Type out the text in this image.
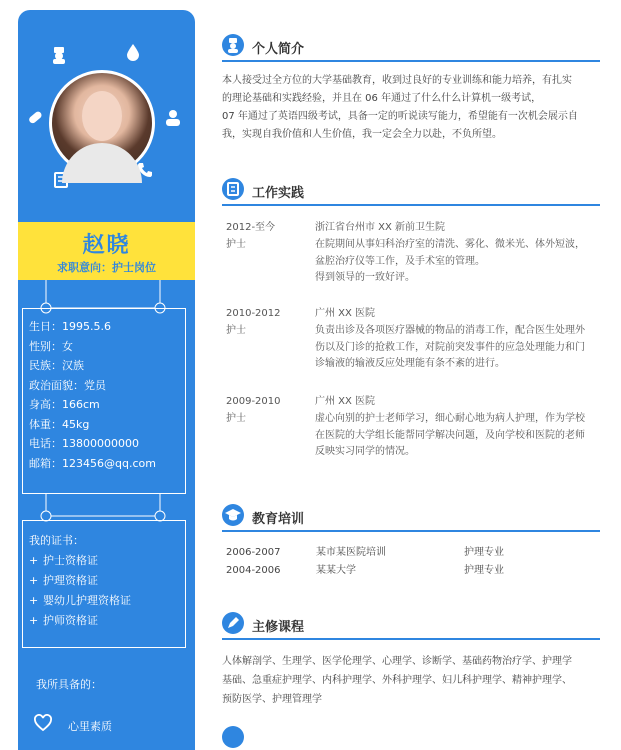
赵晓
求职意向：护士岗位
生日：1995.5.6
性别：女
民族：汉族
政治面貌：党员
身高：166cm
体重：45kg
电话：13800000000
邮箱：123456@qq.com
我的证书：
+ 护士资格证
+ 护理资格证
+ 婴幼儿护理资格证
+ 护师资格证
我所具备的：
心里素质
个人简介
本人接受过全方位的大学基础教育，收到过良好的专业训练和能力培养，有扎实
的理论基础和实践经验，并且在 06 年通过了什么什么计算机一级考试，
07 年通过了英语四级考试，具备一定的听说读写能力，希望能有一次机会展示自
我，实现自我价值和人生价值，我一定会全力以赴，不负所望。
工作实践
2012-至今
护士
浙江省台州市 XX 新前卫生院
在院期间从事妇科治疗室的清洗、雾化、微米光、体外短波，
盆腔治疗仪等工作，及手术室的管理。
得到领导的一致好评。
2010-2012
护士
广州 XX 医院
负责出诊及各项医疗器械的物品的消毒工作，配合医生处理外
伤以及门诊的抢救工作，对院前突发事件的应急处理能力和门
诊输液的输液反应处理能有条不紊的进行。
2009-2010
护士
广州 XX 医院
虚心向别的护士老师学习，细心耐心地为病人护理，作为学校
在医院的大学组长能帮同学解决问题，及向学校和医院的老师
反映实习同学的情况。
教育培训
2006-2007	某市某医院培训	护理专业
2004-2006	某某大学	护理专业
主修课程
人体解剖学、生理学、医学伦理学、心理学、诊断学、基础药物治疗学、护理学
基础、急重症护理学、内科护理学、外科护理学、妇儿科护理学、精神护理学、
预防医学、护理管理学
